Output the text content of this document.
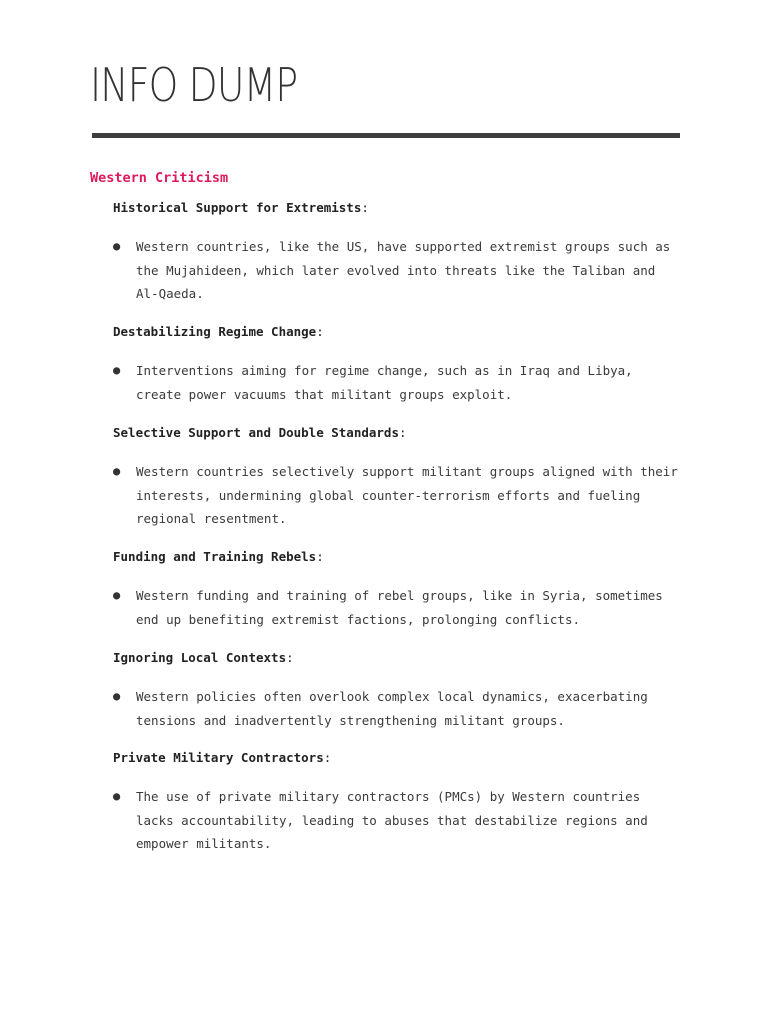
INFO DUMP
Western Criticism
Historical Support for Extremists:
● Western countries, like the US, have supported extremist groups such as
the Mujahideen, which later evolved into threats like the Taliban and
Al-Qaeda.
Destabilizing Regime Change:
● Interventions aiming for regime change, such as in Iraq and Libya,
create power vacuums that militant groups exploit.
Selective Support and Double Standards:
● Western countries selectively support militant groups aligned with their
interests, undermining global counter-terrorism efforts and fueling
regional resentment.
Funding and Training Rebels:
● Western funding and training of rebel groups, like in Syria, sometimes
end up benefiting extremist factions, prolonging conflicts.
Ignoring Local Contexts:
● Western policies often overlook complex local dynamics, exacerbating
tensions and inadvertently strengthening militant groups.
Private Military Contractors:
● The use of private military contractors (PMCs) by Western countries
lacks accountability, leading to abuses that destabilize regions and
empower militants.
